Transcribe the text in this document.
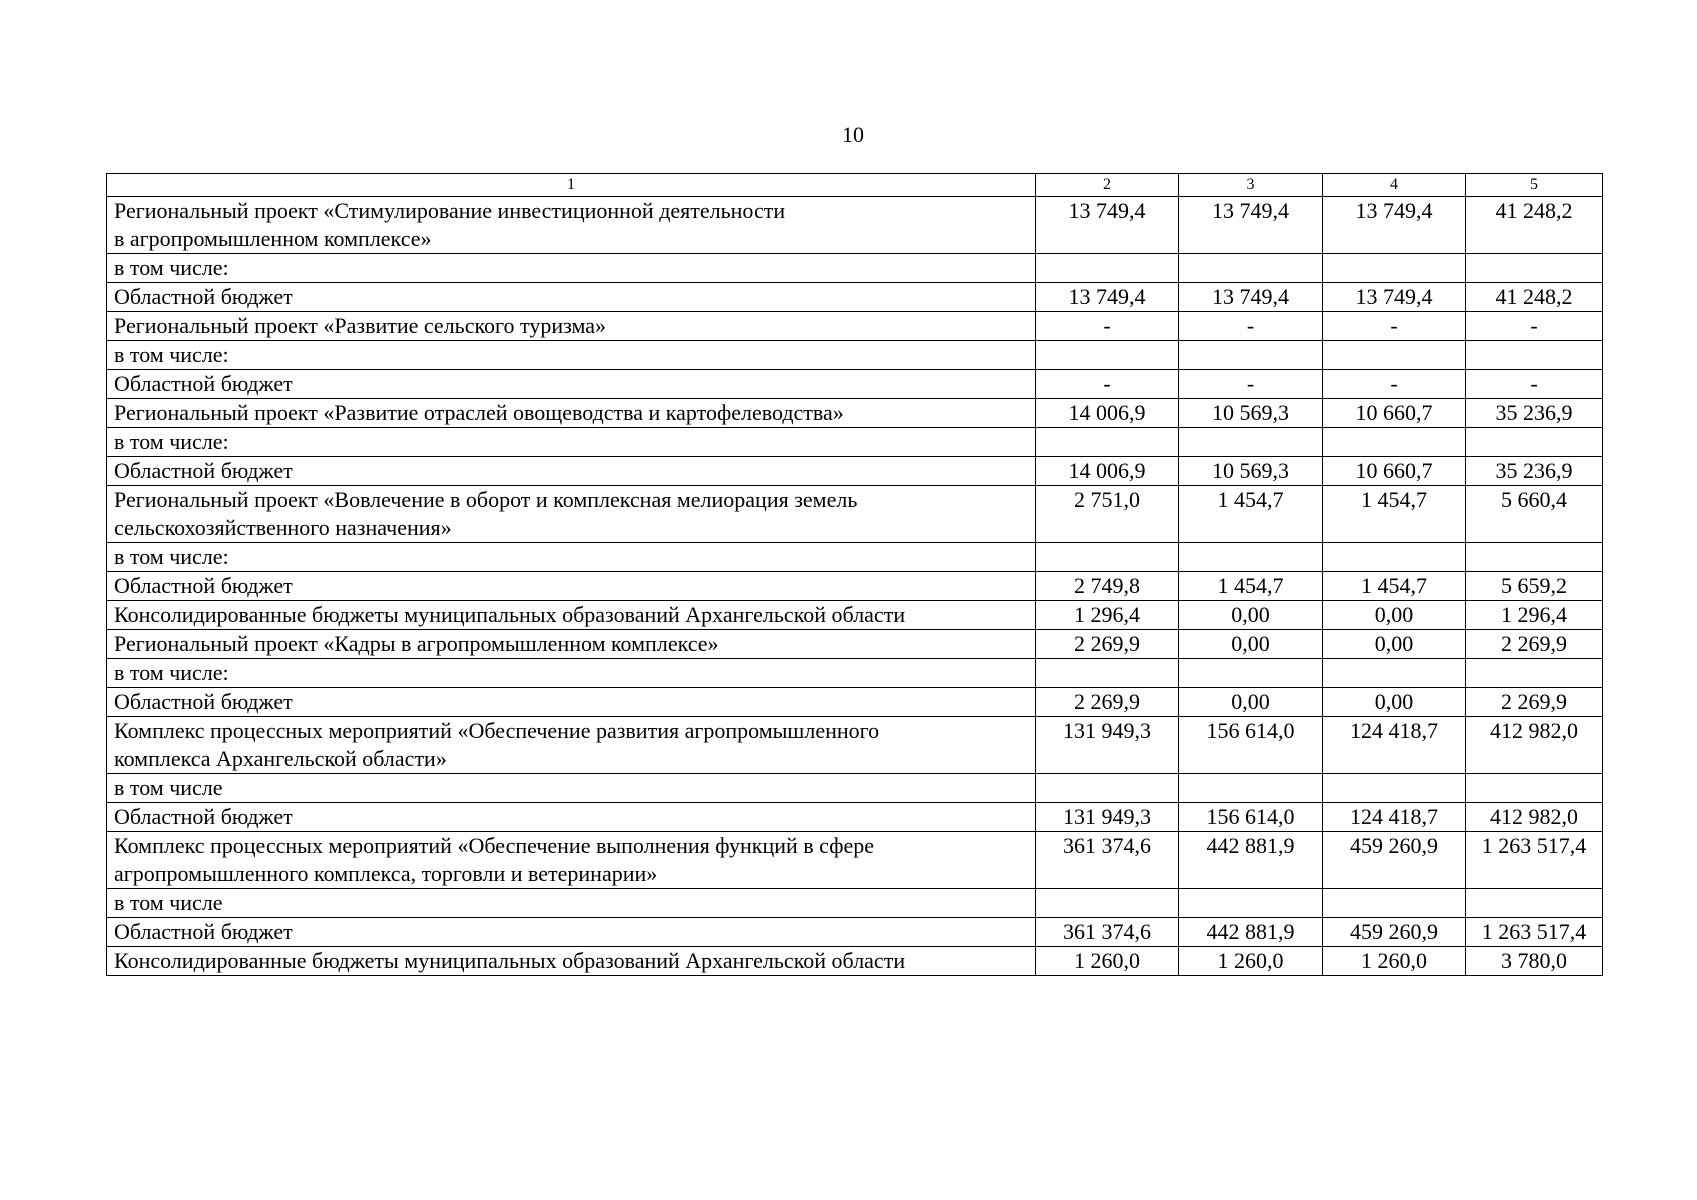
10
1	2	3	4	5
Региональный проект «Стимулирование инвестиционной деятельности
в агропромышленном комплексе»	13 749,4	13 749,4	13 749,4	41 248,2
в том числе:				
Областной бюджет	13 749,4	13 749,4	13 749,4	41 248,2
Региональный проект «Развитие сельского туризма»	-	-	-	-
в том числе:				
Областной бюджет	-	-	-	-
Региональный проект «Развитие отраслей овощеводства и картофелеводства»	14 006,9	10 569,3	10 660,7	35 236,9
в том числе:				
Областной бюджет	14 006,9	10 569,3	10 660,7	35 236,9
Региональный проект «Вовлечение в оборот и комплексная мелиорация земель
сельскохозяйственного назначения»	2 751,0	1 454,7	1 454,7	5 660,4
в том числе:				
Областной бюджет	2 749,8	1 454,7	1 454,7	5 659,2
Консолидированные бюджеты муниципальных образований Архангельской области	1 296,4	0,00	0,00	1 296,4
Региональный проект «Кадры в агропромышленном комплексе»	2 269,9	0,00	0,00	2 269,9
в том числе:				
Областной бюджет	2 269,9	0,00	0,00	2 269,9
Комплекс процессных мероприятий «Обеспечение развития агропромышленного
комплекса Архангельской области»	131 949,3	156 614,0	124 418,7	412 982,0
в том числе				
Областной бюджет	131 949,3	156 614,0	124 418,7	412 982,0
Комплекс процессных мероприятий «Обеспечение выполнения функций в сфере
агропромышленного комплекса, торговли и ветеринарии»	361 374,6	442 881,9	459 260,9	1 263 517,4
в том числе				
Областной бюджет	361 374,6	442 881,9	459 260,9	1 263 517,4
Консолидированные бюджеты муниципальных образований Архангельской области	1 260,0	1 260,0	1 260,0	3 780,0
